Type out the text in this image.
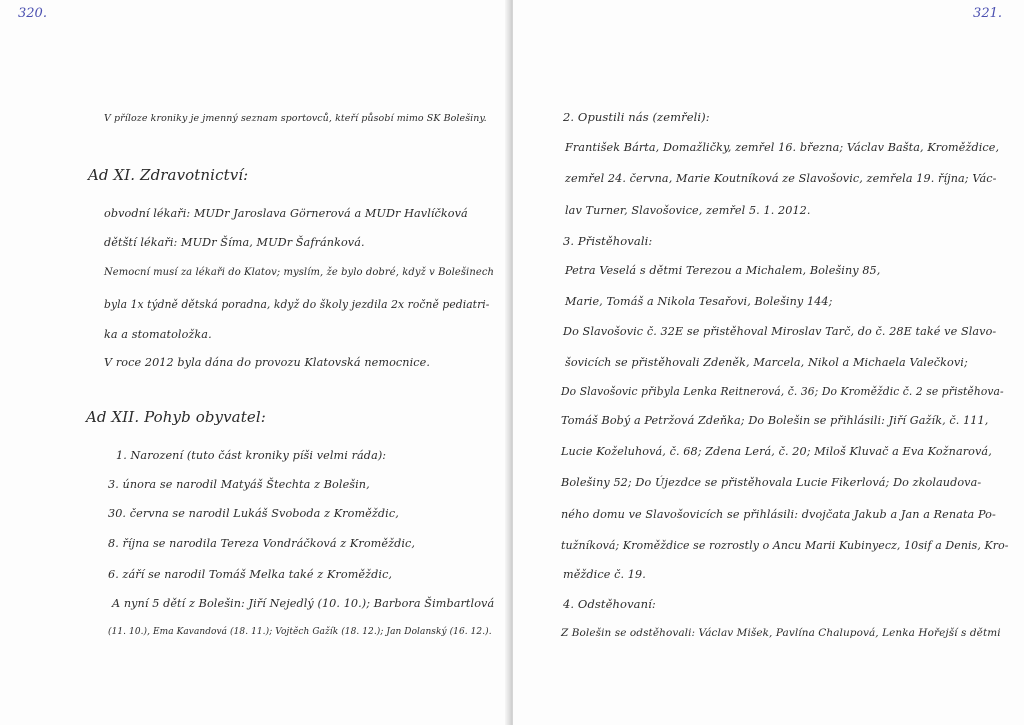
320.
V příloze kroniky je jmenný seznam sportovců, kteří působí mimo SK Bolešiny.
Ad XI. Zdravotnictví:
obvodní lékaři: MUDr Jaroslava Görnerová a MUDr Havlíčková
dětští lékaři: MUDr Šíma, MUDr Šafránková.
Nemocní musí za lékaři do Klatov; myslím, že bylo dobré, když v Bolešinech
byla 1x týdně dětská poradna, když do školy jezdila 2x ročně pediatri-
ka a stomatoložka.
V roce 2012 byla dána do provozu Klatovská nemocnice.
Ad XII. Pohyb obyvatel:
1. Narození (tuto část kroniky píši velmi ráda):
3. února se narodil Matyáš Štechta z Bolešin,
30. června se narodil Lukáš Svoboda z Kroměždic,
8. října se narodila Tereza Vondráčková z Kroměždic,
6. září se narodil Tomáš Melka také z Kroměždic,
A nyní 5 dětí z Bolešin: Jiří Nejedlý (10. 10.); Barbora Šimbartlová
(11. 10.), Ema Kavandová (18. 11.); Vojtěch Gažík (18. 12.); Jan Dolanský (16. 12.).
321.
2. Opustili nás (zemřeli):
František Bárta, Domažličky, zemřel 16. března; Václav Bašta, Kroměždice,
zemřel 24. června, Marie Koutníková ze Slavošovic, zemřela 19. října; Vác-
lav Turner, Slavošovice, zemřel 5. 1. 2012.
3. Přistěhovali:
Petra Veselá s dětmi Terezou a Michalem, Bolešiny 85,
Marie, Tomáš a Nikola Tesařovi, Bolešiny 144;
Do Slavošovic č. 32E se přistěhoval Miroslav Tarč, do č. 28E také ve Slavo-
šovicích se přistěhovali Zdeněk, Marcela, Nikol a Michaela Valečkovi;
Do Slavošovic přibyla Lenka Reitnerová, č. 36; Do Kroměždic č. 2 se přistěhova-
Tomáš Bobý a Petržová Zdeňka; Do Bolešin se přihlásili: Jiří Gažík, č. 111,
Lucie Koželuhová, č. 68; Zdena Lerá, č. 20; Miloš Kluvač a Eva Kožnarová,
Bolešiny 52; Do Újezdce se přistěhovala Lucie Fikerlová; Do zkolaudova-
ného domu ve Slavošovicích se přihlásili: dvojčata Jakub a Jan a Renata Po-
tužníková; Kroměždice se rozrostly o Ancu Marii Kubinyecz, 10sif a Denis, Kro-
měždice č. 19.
4. Odstěhovaní:
Z Bolešin se odstěhovali: Václav Mišek, Pavlína Chalupová, Lenka Hořejší s dětmi
